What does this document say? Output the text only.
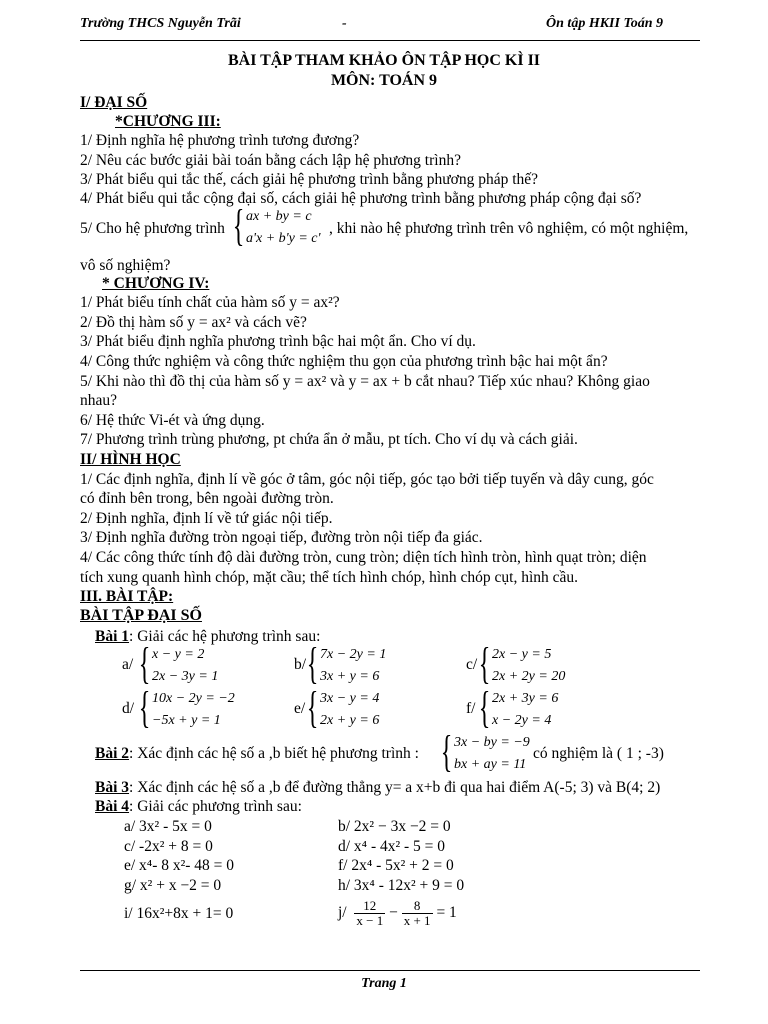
Trường THCS Nguyễn Trãi	-	Ôn tập HKII Toán 9
BÀI TẬP THAM KHẢO ÔN TẬP HỌC KÌ II
MÔN: TOÁN 9
I/ ĐẠI SỐ
*CHƯƠNG III:
1/ Định nghĩa hệ phương trình tương đương?
2/ Nêu các bước giải bài toán bằng cách lập hệ phương trình?
3/ Phát biểu qui tắc thế, cách giải hệ phương trình bằng phương pháp thế?
4/ Phát biểu qui tắc cộng đại số, cách giải hệ phương trình bằng phương pháp cộng đại số?
5/ Cho hệ phương trình { ax + by = c
a'x + b'y = c'
, khi nào hệ phương trình trên vô nghiệm, có một nghiệm,
vô số nghiệm?
* CHƯƠNG IV:
1/ Phát biểu tính chất của hàm số y = ax²?
2/ Đồ thị hàm số y = ax² và cách vẽ?
3/ Phát biểu định nghĩa phương trình bậc hai một ẩn. Cho ví dụ.
4/ Công thức nghiệm và công thức nghiệm thu gọn của phương trình bậc hai một ẩn?
5/ Khi nào thì đồ thị của hàm số y = ax² và y = ax + b cắt nhau? Tiếp xúc nhau? Không giao
nhau?
6/ Hệ thức Vi-ét và ứng dụng.
7/ Phương trình trùng phương, pt chứa ẩn ở mẫu, pt tích. Cho ví dụ và cách giải.
II/ HÌNH HỌC
1/ Các định nghĩa, định lí về góc ở tâm, góc nội tiếp, góc tạo bởi tiếp tuyến và dây cung, góc
có đỉnh bên trong, bên ngoài đường tròn.
2/ Định nghĩa, định lí về tứ giác nội tiếp.
3/ Định nghĩa đường tròn ngoại tiếp, đường tròn nội tiếp đa giác.
4/ Các công thức tính độ dài đường tròn, cung tròn; diện tích hình tròn, hình quạt tròn; diện
tích xung quanh hình chóp, mặt cầu; thể tích hình chóp, hình chóp cụt, hình cầu.
III. BÀI TẬP:
BÀI TẬP ĐẠI SỐ
Bài 1: Giải các hệ phương trình sau:
a/ { x − y = 2
2x − 3y = 1
b/ { 7x − 2y = 1
3x + y = 6
c/ { 2x − y = 5
2x + 2y = 20
d/ { 10x − 2y = −2
−5x + y = 1
e/ { 3x − y = 4
2x + y = 6
f/ { 2x + 3y = 6
x − 2y = 4
Bài 2: Xác định các hệ số a ,b biết hệ phương trình : { 3x − by = −9
bx + ay = 11
có nghiệm là ( 1 ; -3)
Bài 3: Xác định các hệ số a ,b để đường thẳng y= a x+b đi qua hai điểm A(-5; 3) và B(4; 2)
Bài 4: Giải các phương trình sau:
a/ 3x² - 5x = 0	b/ 2x² − 3x −2 = 0
c/ -2x² + 8 = 0	d/ x⁴ - 4x² - 5 = 0
e/ x⁴- 8 x²- 48 = 0	f/ 2x⁴ - 5x² + 2 = 0
g/ x² + x −2 = 0	h/ 3x⁴ - 12x² + 9 = 0
i/ 16x²+8x + 1= 0	$j/ \frac{12}{x - 1} - \frac{8}{x + 1} = 1$
Trang 1
